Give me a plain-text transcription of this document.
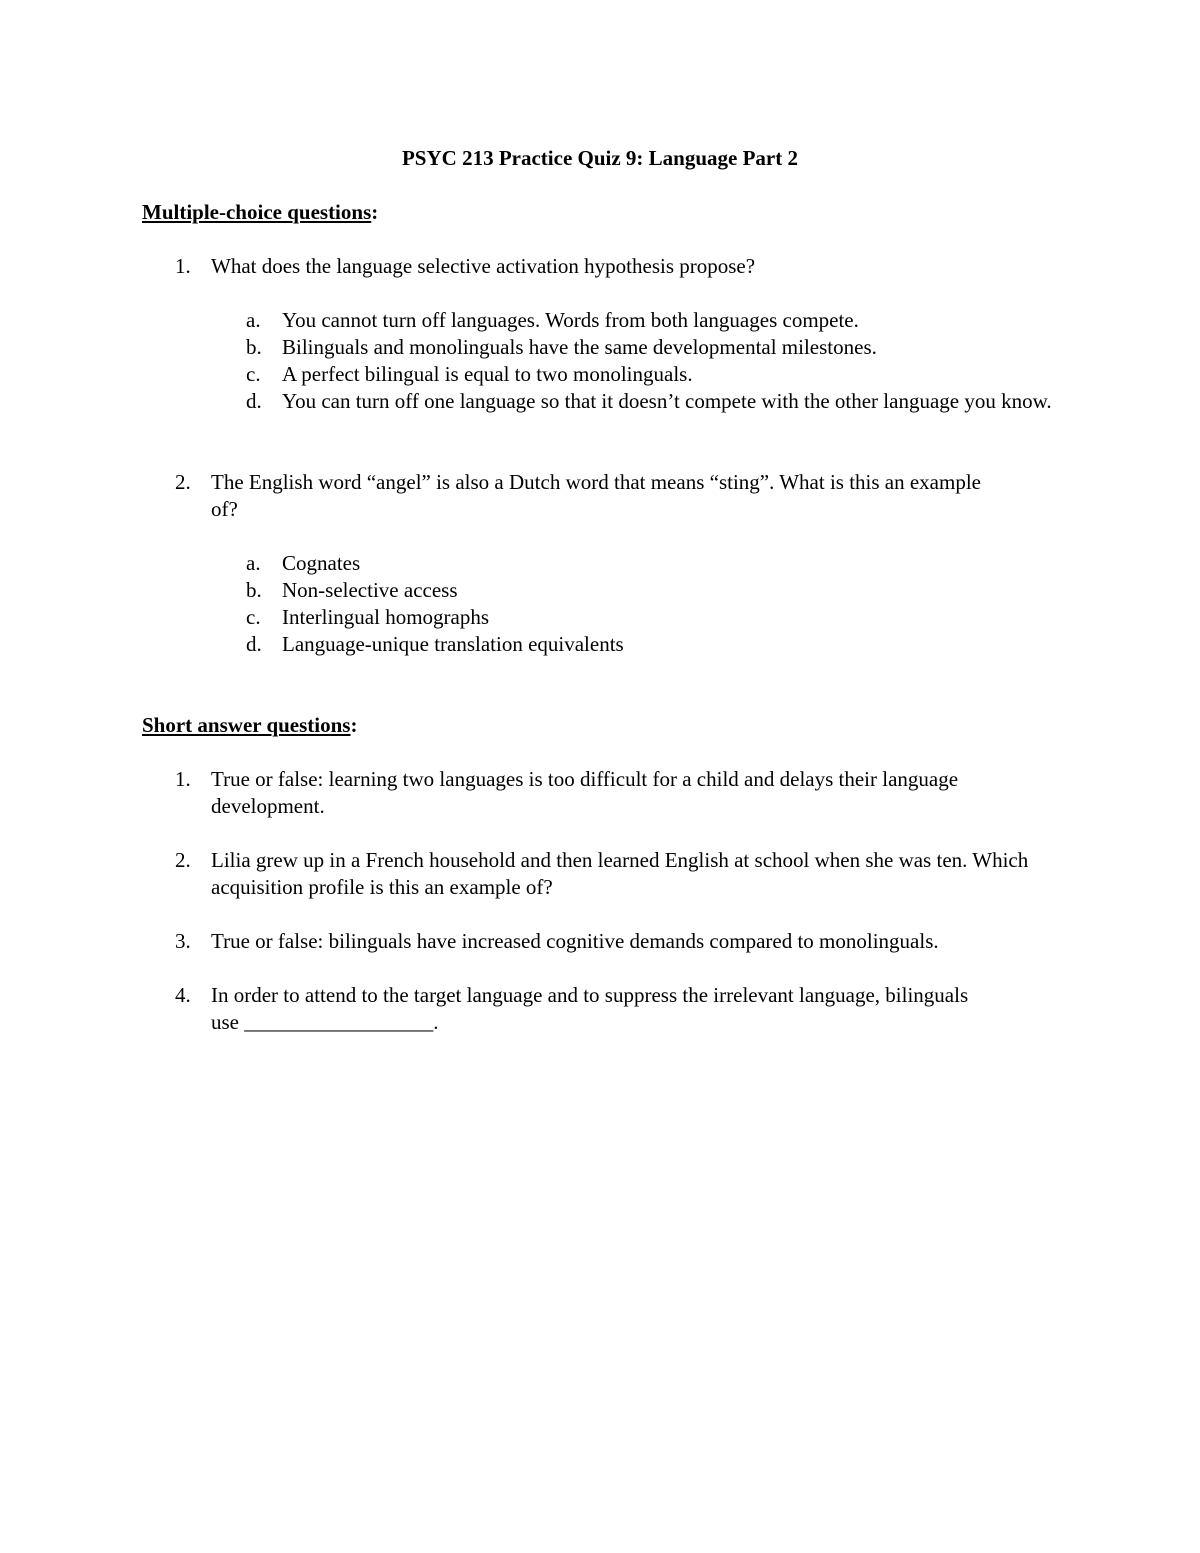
PSYC 213 Practice Quiz 9: Language Part 2
Multiple-choice questions:
1. What does the language selective activation hypothesis propose?
a.	You cannot turn off languages. Words from both languages compete.
b. Bilinguals and monolinguals have the same developmental milestones.
c.	A perfect bilingual is equal to two monolinguals.
d. You can turn off one language so that it doesn’t compete with the other language you know.
2. The English word “angel” is also a Dutch word that means “sting”. What is this an example of?
a.	Cognates
b. Non-selective access
c.	Interlingual homographs
d. Language-unique translation equivalents
Short answer questions:
1. True or false: learning two languages is too difficult for a child and delays their language development.
2. Lilia grew up in a French household and then learned English at school when she was ten. Which acquisition profile is this an example of?
3. True or false: bilinguals have increased cognitive demands compared to monolinguals.
4. In order to attend to the target language and to suppress the irrelevant language, bilinguals use __________________.
